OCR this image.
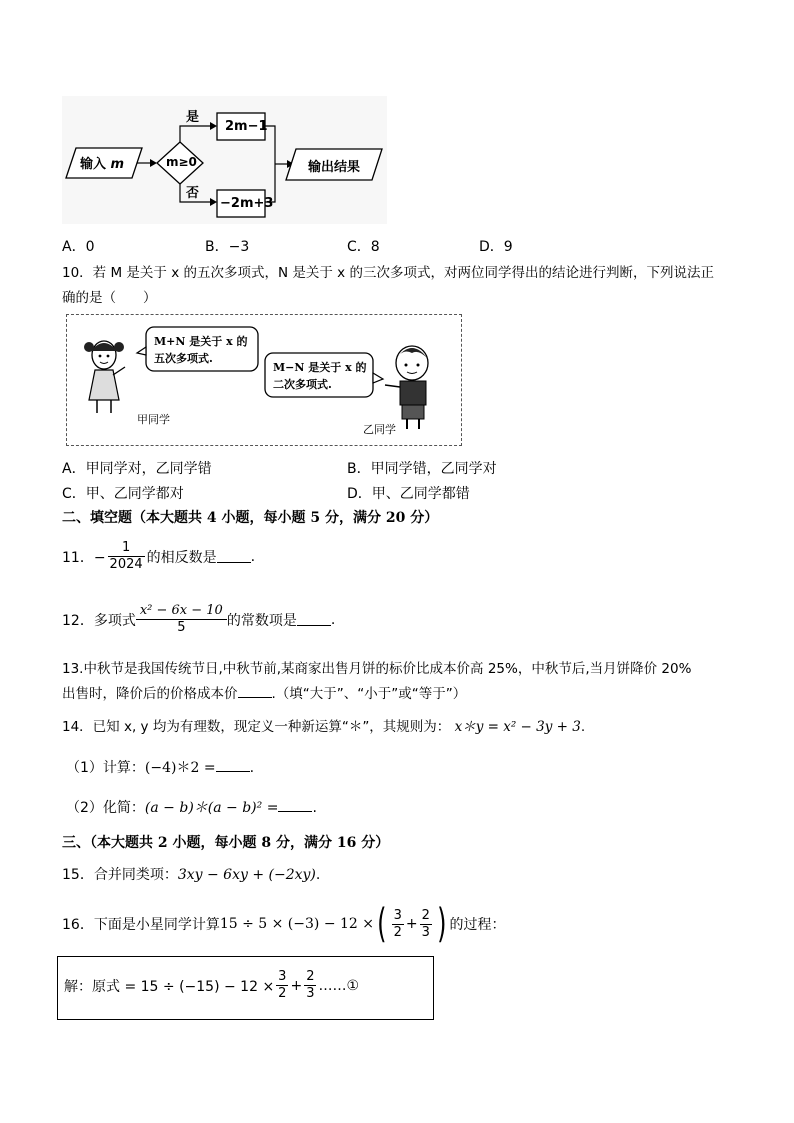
输入 m	m≥0
是
否
2m−1
−2m+3
输出结果
A．0	B．−3	C．8	D．9
10．若 M 是关于 x 的五次多项式，N 是关于 x 的三次多项式，对两位同学得出的结论进行判断，下列说法正
确的是（　　）
M+N 是关于 x 的
五次多项式.
M−N 是关于 x 的
二次多项式.
甲同学
乙同学
A．甲同学对，乙同学错	B．甲同学错，乙同学对
C．甲、乙同学都对	D．甲、乙同学都错
二、填空题（本大题共 4 小题，每小题 5 分，满分 20 分）
11．− $\frac{1}{2024}$ 的相反数是 .
12．多项式 $\frac{\text{x² − 6x − 10}}{5}$ 的常数项是 .
13.中秋节是我国传统节日,中秋节前,某商家出售月饼的标价比成本价高 25%，中秋节后,当月饼降价 20%
出售时，降价后的价格成本价	.（填“大于”、“小于”或“等于”）
14．已知 x, y 均为有理数，现定义一种新运算“＊”，其规则为： x＊y = x² − 3y + 3.
（1）计算：(−4)＊2 = .
（2）化简：(a − b)＊(a − b)² = .
三、（本大题共 2 小题，每小题 8 分，满分 16 分）
15．合并同类项：3xy − 6xy + (−2xy).
16．下面是小星同学计算 15 ÷ 5 × (−3) − 12 × ( $\frac{3}{2} + \frac{2}{3}$ ) 的过程：
解：原式 = $15 \div (-15) - 12 \times \frac{3}{2} + \frac{2}{3}$ ……①
